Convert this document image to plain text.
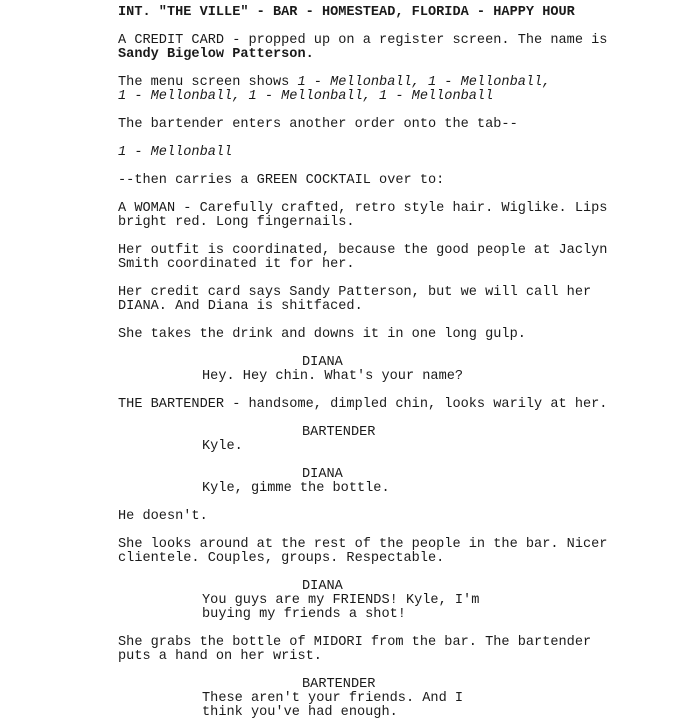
INT. "THE VILLE" - BAR - HOMESTEAD, FLORIDA - HAPPY HOUR
A CREDIT CARD - propped up on a register screen. The name is
Sandy Bigelow Patterson.
The menu screen shows 1 - Mellonball, 1 - Mellonball,
1 - Mellonball, 1 - Mellonball, 1 - Mellonball
The bartender enters another order onto the tab--
1 - Mellonball
--then carries a GREEN COCKTAIL over to:
A WOMAN - Carefully crafted, retro style hair. Wiglike. Lips
bright red. Long fingernails.
Her outfit is coordinated, because the good people at Jaclyn
Smith coordinated it for her.
Her credit card says Sandy Patterson, but we will call her
DIANA. And Diana is shitfaced.
She takes the drink and downs it in one long gulp.
DIANA
Hey. Hey chin. What's your name?
THE BARTENDER - handsome, dimpled chin, looks warily at her.
BARTENDER
Kyle.
DIANA
Kyle, gimme the bottle.
He doesn't.
She looks around at the rest of the people in the bar. Nicer
clientele. Couples, groups. Respectable.
DIANA
You guys are my FRIENDS! Kyle, I'm
buying my friends a shot!
She grabs the bottle of MIDORI from the bar. The bartender
puts a hand on her wrist.
BARTENDER
These aren't your friends. And I
think you've had enough.
